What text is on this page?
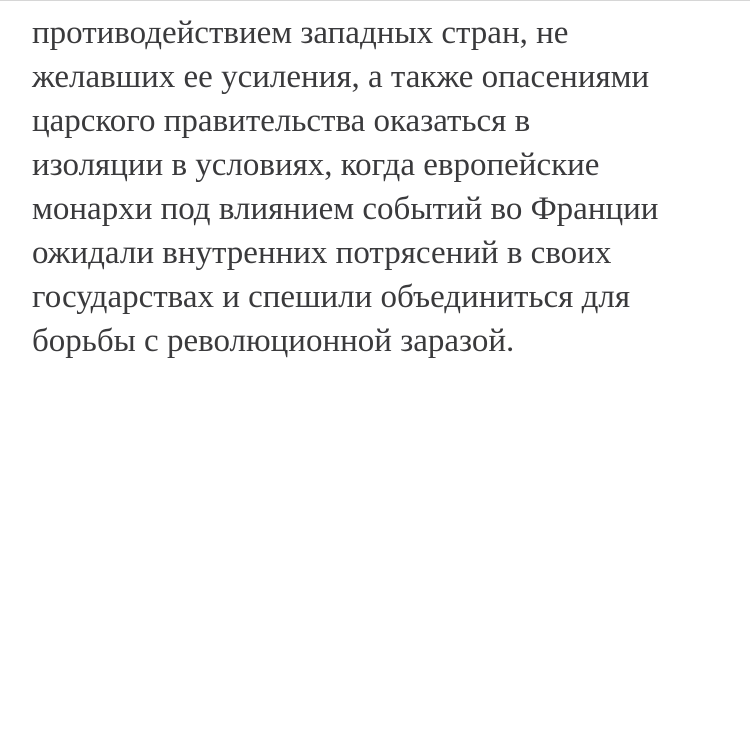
противодействием западных стран, не
желавших ее усиления, а также опасениями
царского правительства оказаться в
изоляции в условиях, когда европейские
монархи под влиянием событий во Франции
ожидали внутренних потрясений в своих
государствах и спешили объединиться для
борьбы с революционной заразой.
